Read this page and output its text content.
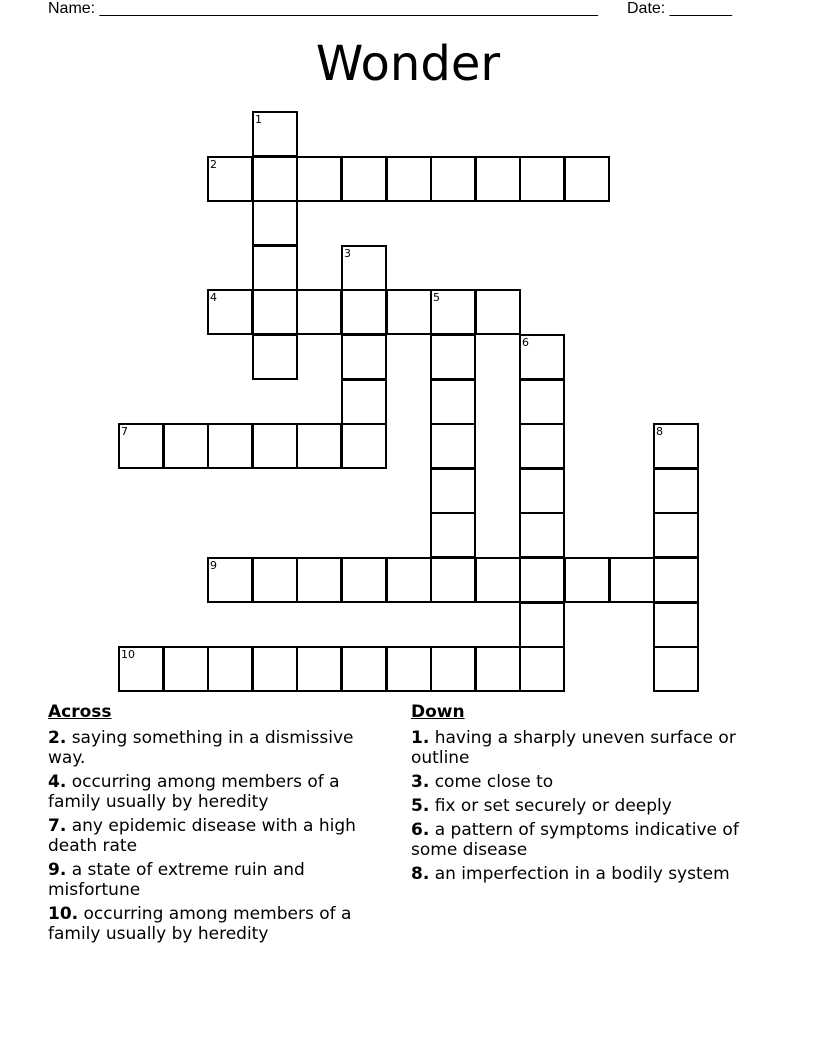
Name: ________________________________________________________ Date: _______
Wonder
1
2
3
4	5
6
7	8
9
10
Across
2. saying something in a dismissive way.
4. occurring among members of a family usually by heredity
7. any epidemic disease with a high death rate
9. a state of extreme ruin and misfortune
10. occurring among members of a family usually by heredity
Down
1. having a sharply uneven surface or outline
3. come close to
5. fix or set securely or deeply
6. a pattern of symptoms indicative of some disease
8. an imperfection in a bodily system
